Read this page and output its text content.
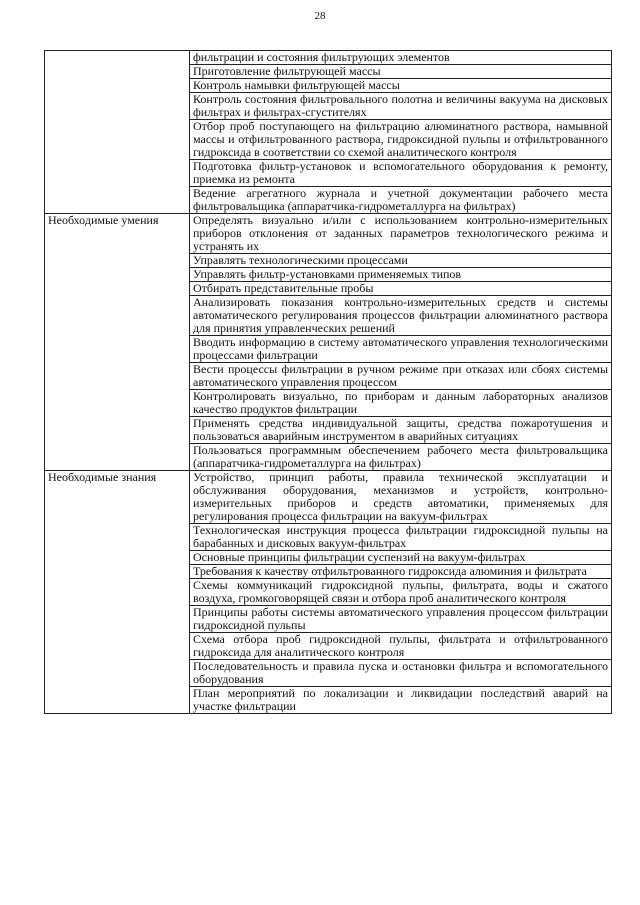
28
	фильтрации и состояния фильтрующих элементов
	Приготовление фильтрующей массы
	Контроль намывки фильтрующей массы
	Контроль состояния фильтровального полотна и величины вакуума на дисковых фильтрах и фильтрах-сгустителях
	Отбор проб поступающего на фильтрацию алюминатного раствора, намывной массы и отфильтрованного раствора, гидроксидной пульпы и отфильтрованного гидроксида в соответствии со схемой аналитического контроля
	Подготовка фильтр-установок и вспомогательного оборудования к ремонту, приемка из ремонта
	Ведение агрегатного журнала и учетной документации рабочего места фильтровальщика (аппаратчика-гидрометаллурга на фильтрах)
Необходимые умения	Определять визуально и/или с использованием контрольно-измерительных приборов отклонения от заданных параметров технологического режима и устранять их
	Управлять технологическими процессами
	Управлять фильтр-установками применяемых типов
	Отбирать представительные пробы
	Анализировать показания контрольно-измерительных средств и системы автоматического регулирования процессов фильтрации алюминатного раствора для принятия управленческих решений
	Вводить информацию в систему автоматического управления технологическими процессами фильтрации
	Вести процессы фильтрации в ручном режиме при отказах или сбоях системы автоматического управления процессом
	Контролировать визуально, по приборам и данным лабораторных анализов качество продуктов фильтрации
	Применять средства индивидуальной защиты, средства пожаротушения и пользоваться аварийным инструментом в аварийных ситуациях
	Пользоваться программным обеспечением рабочего места фильтровальщика (аппаратчика-гидрометаллурга на фильтрах)
Необходимые знания	Устройство, принцип работы, правила технической эксплуатации и обслуживания оборудования, механизмов и устройств, контрольно-измерительных приборов и средств автоматики, применяемых для регулирования процесса фильтрации на вакуум-фильтрах
	Технологическая инструкция процесса фильтрации гидроксидной пульпы на барабанных и дисковых вакуум-фильтрах
	Основные принципы фильтрации суспензий на вакуум-фильтрах
	Требования к качеству отфильтрованного гидроксида алюминия и фильтрата
	Схемы коммуникаций гидроксидной пульпы, фильтрата, воды и сжатого воздуха, громкоговорящей связи и отбора проб аналитического контроля
	Принципы работы системы автоматического управления процессом фильтрации гидроксидной пульпы
	Схема отбора проб гидроксидной пульпы, фильтрата и отфильтрованного гидроксида для аналитического контроля
	Последовательность и правила пуска и остановки фильтра и вспомогательного оборудования
	План мероприятий по локализации и ликвидации последствий аварий на участке фильтрации
